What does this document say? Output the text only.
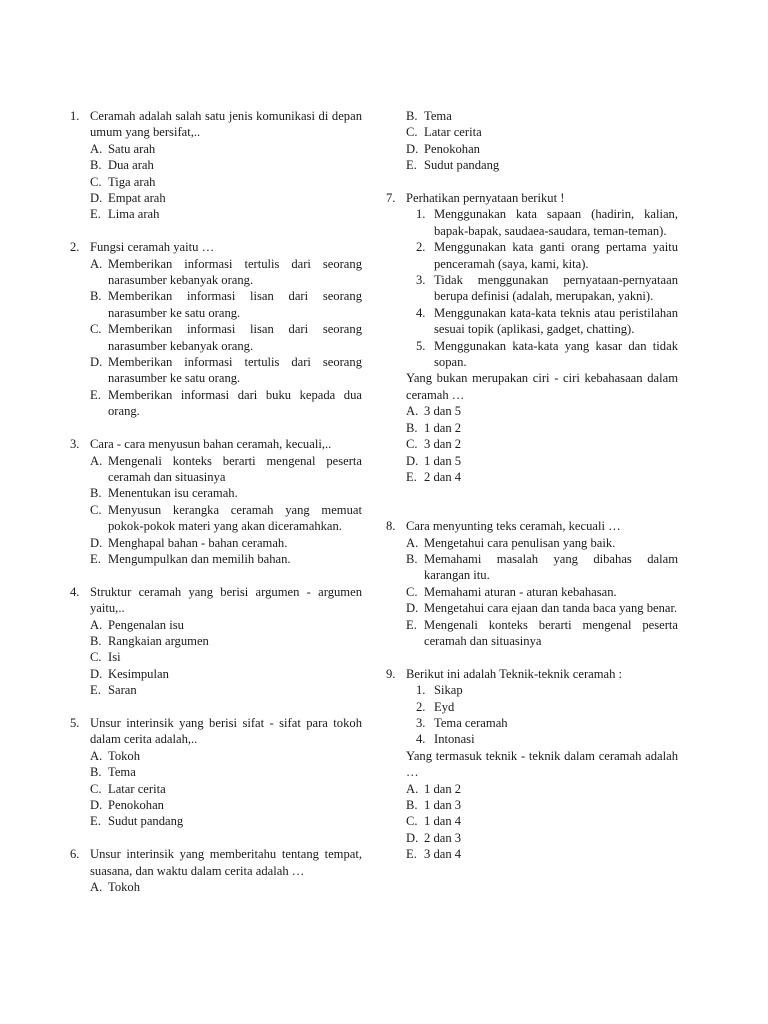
1. Ceramah adalah salah satu jenis komunikasi di depan umum yang bersifat,..
A. Satu arah
B. Dua arah
C. Tiga arah
D. Empat arah
E. Lima arah
2. Fungsi ceramah yaitu …
A. Memberikan informasi tertulis dari seorang narasumber kebanyak orang.
B. Memberikan informasi lisan dari seorang narasumber ke satu orang.
C. Memberikan informasi lisan dari seorang narasumber kebanyak orang.
D. Memberikan informasi tertulis dari seorang narasumber ke satu orang.
E. Memberikan informasi dari buku kepada dua orang.
3. Cara - cara menyusun bahan ceramah, kecuali,..
A. Mengenali konteks berarti mengenal peserta ceramah dan situasinya
B. Menentukan isu ceramah.
C. Menyusun kerangka ceramah yang memuat pokok-pokok materi yang akan diceramahkan.
D. Menghapal bahan - bahan ceramah.
E. Mengumpulkan dan memilih bahan.
4. Struktur ceramah yang berisi argumen - argumen yaitu,..
A. Pengenalan isu
B. Rangkaian argumen
C. Isi
D. Kesimpulan
E. Saran
5. Unsur interinsik yang berisi sifat - sifat para tokoh dalam cerita adalah,..
A. Tokoh
B. Tema
C. Latar cerita
D. Penokohan
E. Sudut pandang
6. Unsur interinsik yang memberitahu tentang tempat, suasana, dan waktu dalam cerita adalah …
A. Tokoh
B. Tema
C. Latar cerita
D. Penokohan
E. Sudut pandang
7. Perhatikan pernyataan berikut !
1. Menggunakan kata sapaan (hadirin, kalian, bapak-bapak, saudaea-saudara, teman-teman).
2. Menggunakan kata ganti orang pertama yaitu penceramah (saya, kami, kita).
3. Tidak menggunakan pernyataan-pernyataan berupa definisi (adalah, merupakan, yakni).
4. Menggunakan kata-kata teknis atau peristilahan sesuai topik (aplikasi, gadget, chatting).
5. Menggunakan kata-kata yang kasar dan tidak sopan.
Yang bukan merupakan ciri - ciri kebahasaan dalam ceramah …
A. 3 dan 5
B. 1 dan 2
C. 3 dan 2
D. 1 dan 5
E. 2 dan 4
8. Cara menyunting teks ceramah, kecuali …
A. Mengetahui cara penulisan yang baik.
B. Memahami masalah yang dibahas dalam karangan itu.
C. Memahami aturan - aturan kebahasan.
D. Mengetahui cara ejaan dan tanda baca yang benar.
E. Mengenali konteks berarti mengenal peserta ceramah dan situasinya
9. Berikut ini adalah Teknik-teknik ceramah :
1. Sikap
2. Eyd
3. Tema ceramah
4. Intonasi
Yang termasuk teknik - teknik dalam ceramah adalah …
A. 1 dan 2
B. 1 dan 3
C. 1 dan 4
D. 2 dan 3
E. 3 dan 4
